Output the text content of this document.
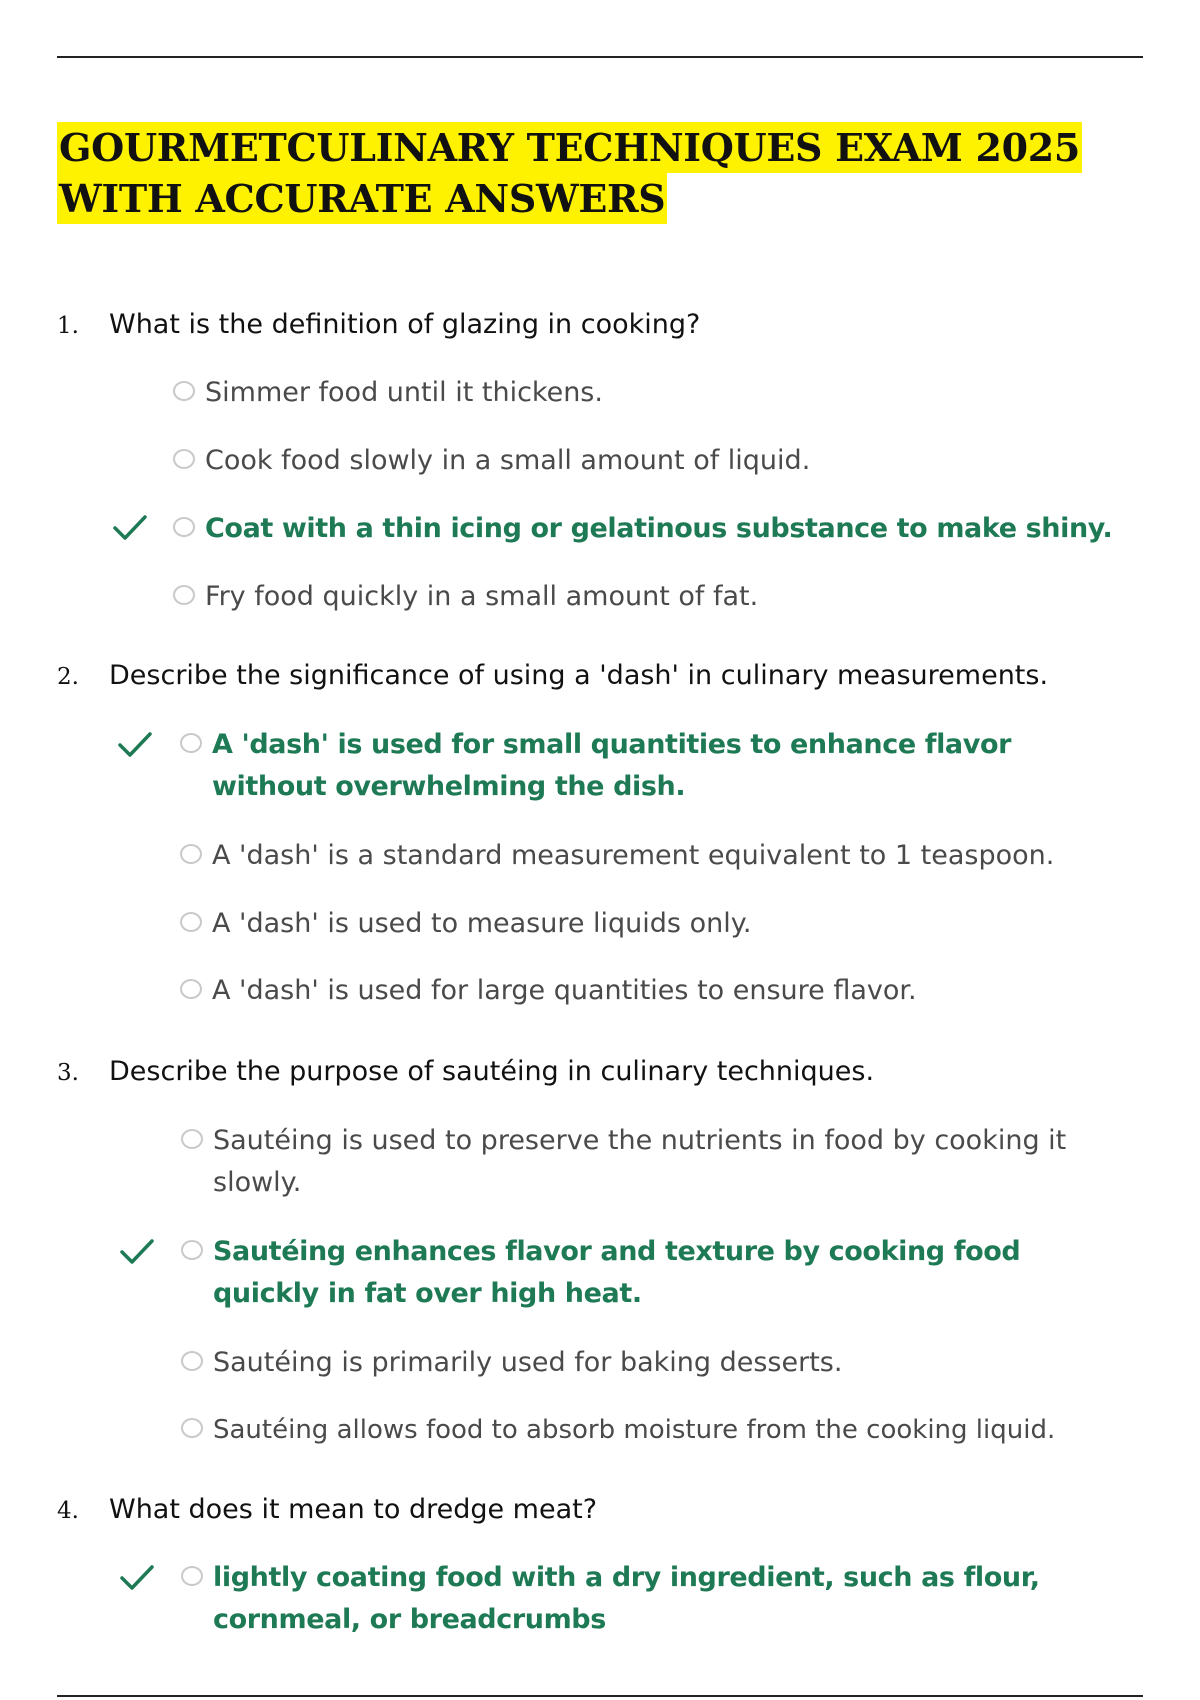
GOURMETCULINARY TECHNIQUES EXAM 2025
WITH ACCURATE ANSWERS
1.	What is the definition of glazing in cooking?
Simmer food until it thickens.
Cook food slowly in a small amount of liquid.
Coat with a thin icing or gelatinous substance to make shiny.
Fry food quickly in a small amount of fat.
2.	Describe the significance of using a 'dash' in culinary measurements.
A 'dash' is used for small quantities to enhance flavor without overwhelming the dish.
A 'dash' is a standard measurement equivalent to 1 teaspoon.
A 'dash' is used to measure liquids only.
A 'dash' is used for large quantities to ensure flavor.
3.	Describe the purpose of sautéing in culinary techniques.
Sautéing is used to preserve the nutrients in food by cooking it slowly.
Sautéing enhances flavor and texture by cooking food quickly in fat over high heat.
Sautéing is primarily used for baking desserts.
Sautéing allows food to absorb moisture from the cooking liquid.
4.	What does it mean to dredge meat?
lightly coating food with a dry ingredient, such as flour, cornmeal, or breadcrumbs
